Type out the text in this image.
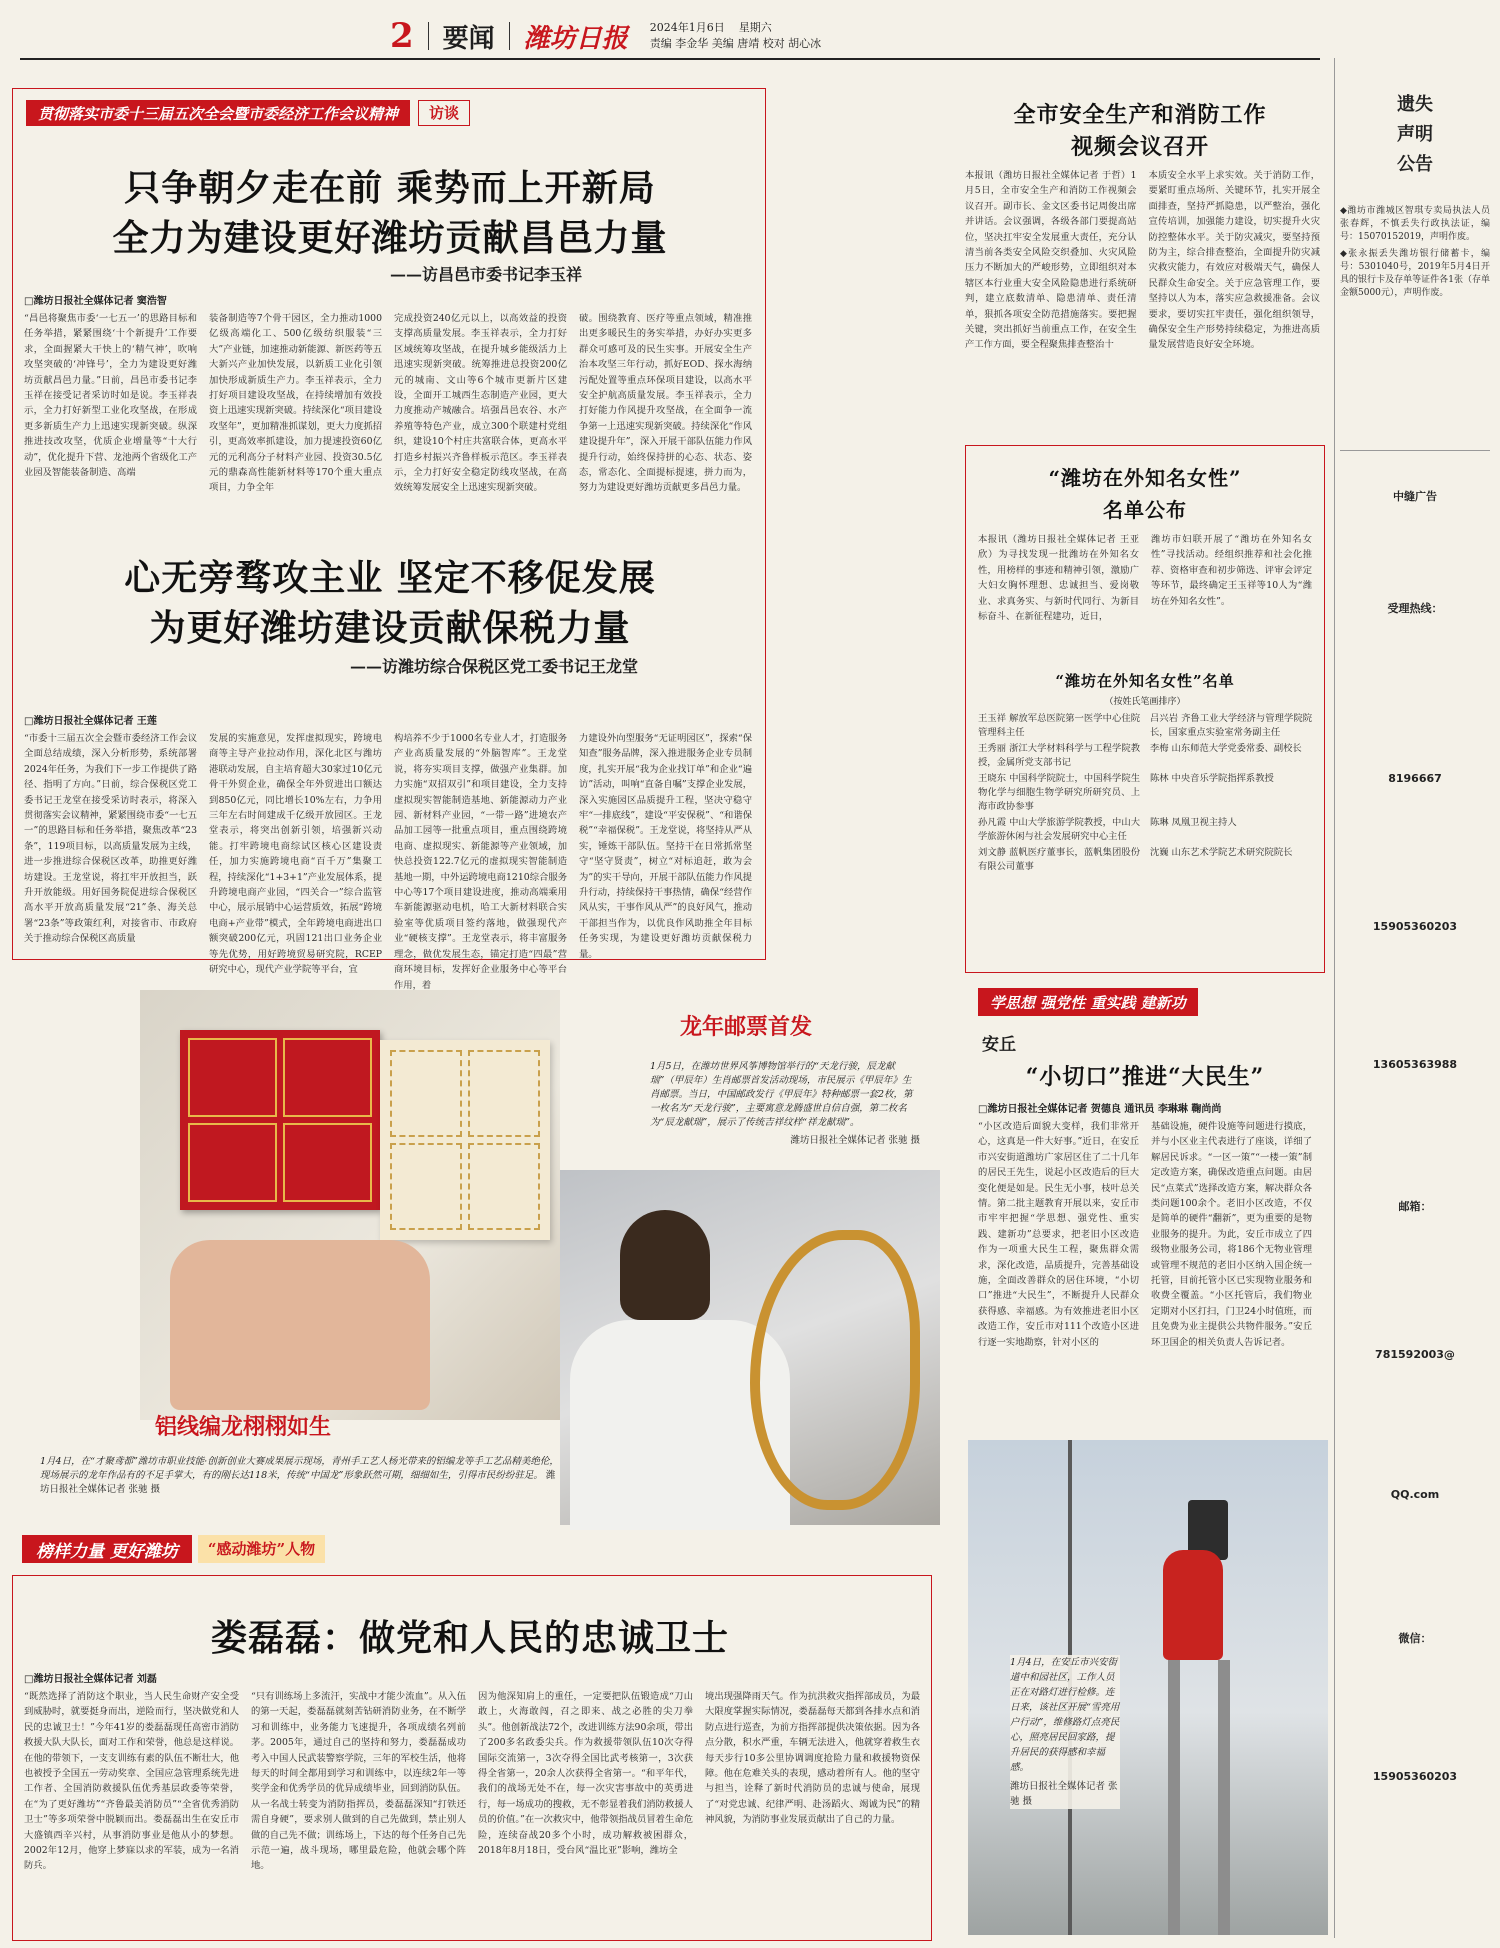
2 要闻 潍坊日报 2024年1月6日 星期六
责编 李金华 美编 唐靖 校对 胡心冰
贯彻落实市委十三届五次全会暨市委经济工作会议精神	访谈
只争朝夕走在前 乘势而上开新局
全力为建设更好潍坊贡献昌邑力量
——访昌邑市委书记李玉祥
□潍坊日报社全媒体记者 窦浩智
“昌邑将聚焦市委‘一七五一’的思路目标和任务举措，紧紧围绕‘十个新提升’工作要求，全面握紧大干快上的‘精气神’，吹响攻坚突破的‘冲锋号’，全力为建设更好潍坊贡献昌邑力量。”日前，昌邑市委书记李玉祥在接受记者采访时如是说。李玉祥表示，全力打好新型工业化攻坚战，在形成更多新质生产力上迅速实现新突破。纵深推进技改攻坚，优质企业增量等“十大行动”，优化提升下营、龙池两个省级化工产业园及智能装备制造、高端
装备制造等7个骨干园区，全力推动1000亿级高端化工、500亿级纺织服装“三大”产业链，加速推动新能源、新医药等五大新兴产业加快发展，以新质工业化引领加快形成新质生产力。李玉祥表示，全力打好项目建设攻坚战，在持续增加有效投资上迅速实现新突破。持续深化“项目建设攻坚年”，更加精准抓谋划，更大力度抓招引，更高效率抓建设，加力提速投资60亿元的元利高分子材料产业园、投资30.5亿元的鼎森高性能新材料等170个重大重点项目，力争全年
完成投资240亿元以上，以高效益的投资支撑高质量发展。李玉祥表示，全力打好区域统筹攻坚战，在提升城乡能级活力上迅速实现新突破。统筹推进总投资200亿元的城南、文山等6个城市更新片区建设，全面开工城西生态制造产业园，更大力度推动产城融合。培强昌邑农谷、水产养殖等特色产业，成立300个联建村党组织，建设10个村庄共富联合体，更高水平打造乡村振兴齐鲁样板示范区。李玉祥表示，全力打好安全稳定防线攻坚战，在高效统筹发展安全上迅速实现新突破。
破。围绕教育、医疗等重点领域，精准推出更多暖民生的务实举措，办好办实更多群众可感可及的民生实事。开展安全生产治本攻坚三年行动，抓好EOD、探水海纳污配处置等重点环保项目建设，以高水平安全护航高质量发展。李玉祥表示，全力打好能力作风提升攻坚战，在全面争一流争第一上迅速实现新突破。持续深化“作风建设提升年”，深入开展干部队伍能力作风提升行动，始终保持拼的心态、状态、姿态，常态化、全面提标提速，拼力而为，努力为建设更好潍坊贡献更多昌邑力量。
心无旁骛攻主业 坚定不移促发展
为更好潍坊建设贡献保税力量
——访潍坊综合保税区党工委书记王龙堂
□潍坊日报社全媒体记者 王莲
“市委十三届五次全会暨市委经济工作会议全面总结成绩，深入分析形势，系统部署2024年任务，为我们下一步工作提供了路径、指明了方向。”日前，综合保税区党工委书记王龙堂在接受采访时表示，将深入贯彻落实会议精神，紧紧围绕市委“一七五一”的思路目标和任务举措，聚焦改革“23条”，119项目标，以高质量发展为主线，进一步推进综合保税区改革，助推更好潍坊建设。王龙堂说，将扛牢开放担当，跃升开放能级。用好国务院促进综合保税区高水平开放高质量发展“21”条、海关总署“23条”等政策红利，对接省市、市政府关于推动综合保税区高质量
发展的实施意见，发挥虚拟现实，跨境电商等主导产业拉动作用，深化北区与潍坊港联动发展，自主培育超大30家过10亿元骨干外贸企业，确保全年外贸进出口额达到850亿元，同比增长10%左右，力争用三年左右时间建成千亿级开放园区。王龙堂表示，将突出创新引领，培强新兴动能。打牢跨境电商综试区核心区建设责任，加力实施跨境电商“百千万”集聚工程，持续深化“1+3+1”产业发展体系，提升跨境电商产业园，“四关合一”综合监管中心，展示展销中心运营质效，拓展“跨境电商+产业带”模式，全年跨境电商进出口额突破200亿元，巩固121出口业务企业等先优势，用好跨境贸易研究院，RCEP研究中心，现代产业学院等平台，宜
构培养不少于1000名专业人才，打造服务产业高质量发展的“外脑智库”。王龙堂说，将夯实项目支撑，做强产业集群。加力实施“双招双引”和项目建设，全力支持虚拟现实智能制造基地、新能源动力产业园、新材料产业园，“一带一路”进境农产品加工园等一批重点项目，重点围绕跨境电商、虚拟现实、新能源等产业领域，加快总投资122.7亿元的虚拟现实智能制造基地一期，中外运跨境电商1210综合服务中心等17个项目建设进度，推动高端乘用车新能源驱动电机，哈工大新材料联合实验室等优质项目签约落地，做强现代产业“硬核支撑”。王龙堂表示，将丰富服务理念，做优发展生态，锚定打造“四最”营商环境目标，发挥好企业服务中心等平台作用，着
力建设外向型服务“无证明园区”，探索“保知查”服务品牌，深入推进服务企业专员制度，扎实开展“我为企业找订单”和企业“遍访”活动，叫响“直备自嘱”支撑企业发展，深入实施园区品质提升工程，坚决守稳守牢“一排底线”，建设“平安保税”、“和谐保税”“幸福保税”。王龙堂说，将坚持从严从实，锤炼干部队伍。坚持干在日常抓常坚守“坚守贤责”，树立“对标追赶，敢为会为”的实干导向，开展干部队伍能力作风提升行动，持续保持干事热情，确保“经营作风从实，干事作风从严”的良好风气，推动干部担当作为，以优良作风助推全年目标任务实现，为建设更好潍坊贡献保税力量。
龙年邮票首发
1月5日，在潍坊世界风筝博物馆举行的“天龙行骏，辰龙献瑞”（甲辰年）生肖邮票首发活动现场，市民展示《甲辰年》生肖邮票。当日，中国邮政发行《甲辰年》特种邮票一套2枚，第一枚名为“天龙行骏”，主要寓意龙腾盛世自信自强，第二枚名为“辰龙献瑞”，展示了传统吉祥纹样“祥龙献瑞”。
潍坊日报社全媒体记者 张驰 摄
铝线编龙栩栩如生
1月4日，在“才聚鸢都”潍坊市职业技能·创新创业大赛成果展示现场，青州手工艺人杨光带来的铝编龙等手工艺品精美绝伦，现场展示的龙年作品有的不足手掌大，有的刚长达118米，传统“中国龙”形象跃然可期，细细如生，引得市民纷纷驻足。 潍坊日报社全媒体记者 张驰 摄
榜样力量 更好潍坊	“感动潍坊”人物
娄磊磊：做党和人民的忠诚卫士
□潍坊日报社全媒体记者 刘磊
“既然选择了消防这个职业，当人民生命财产安全受到威胁时，就要挺身而出，逆险而行，坚决做党和人民的忠诚卫士！”今年41岁的娄磊磊现任高密市消防救援大队大队长，面对工作和荣誉，他总是这样说。在他的带领下，一支支训练有素的队伍不断壮大，他也被授予全国五一劳动奖章、全国应急管理系统先进工作者、全国消防救援队伍优秀基层政委等荣誉，在“为了更好潍坊”“齐鲁最美消防员”“全省优秀消防卫士”等多项荣誉中脱颖而出。娄磊磊出生在安丘市大盛镇西辛兴村，从事消防事业是他从小的梦想。2002年12月，他穿上梦寐以求的军装，成为一名消防兵。
“只有训练场上多流汗，实战中才能少流血”。从入伍的第一天起，娄磊磊就刻苦钻研消防业务，在不断学习和训练中，业务能力飞速提升，各项成绩名列前茅。2005年，通过自己的坚持和努力，娄磊磊成功考入中国人民武装警察学院，三年的军校生活，他将每天的时间全都用到学习和训练中，以连续2年一等奖学金和优秀学员的优异成绩毕业，回到消防队伍。从一名战士转变为消防指挥员，娄磊磊深知“打铁还需自身硬”，要求别人做到的自己先做到，禁止别人做的自己先不做；训练场上，下达的每个任务自己先示范一遍，战斗现场，哪里最危险，他就会哪个阵地。
因为他深知肩上的重任，一定要把队伍锻造成“刀山敢上，火海敢闯，召之即来、战之必胜的尖刀拳头”。他创新战法72个，改进训练方法90余项，带出了200多名政委尖兵。作为救援带领队伍10次夺得国际交流第一，3次夺得全国比武考核第一，3次获得全省第一，20余人次获得全省第一。“和平年代，我们的战场无处不在，每一次灾害事故中的英勇进行，每一场成功的搜救，无不彰显着我们消防救援人员的价值。”在一次救灾中，他带领指战员冒着生命危险，连续奋战20多个小时，成功解救被困群众，2018年8月18日，受台风“温比亚”影响，潍坊全
境出现强降雨天气。作为抗洪救灾指挥部成员，为最大限度掌握实际情况，娄磊磊每天都到各排水点和消防点进行巡查，为前方指挥部提供决策依据。因为各点分散，积水严重，车辆无法进入，他就穿着救生衣每天步行10多公里协调调度抢险力量和救援物资保障。他在危难关头的表现，感动着所有人。他的坚守与担当，诠释了新时代消防员的忠诚与使命，展现了“对党忠诚、纪律严明、赴汤蹈火、竭诚为民”的精神风貌，为消防事业发展贡献出了自己的力量。
全市安全生产和消防工作
视频会议召开
本报讯（潍坊日报社全媒体记者 于哲）1月5日，全市安全生产和消防工作视频会议召开。副市长、金文区委书记周俊出席并讲话。会议强调，各级各部门要提高站位，坚决扛牢安全发展重大责任，充分认清当前各类安全风险交织叠加、火灾风险压力不断加大的严峻形势，立即组织对本辖区本行业重大安全风险隐患进行系统研判，建立底数清单、隐患清单、责任清单，狠抓各项安全防范措施落实。要把握关键，突出抓好当前重点工作，在安全生产工作方面，要全程聚焦排查整治十
本质安全水平上求实效。关于消防工作，要紧盯重点场所、关键环节，扎实开展全面排查，坚持严抓隐患，以严整治，强化宣传培训，加强能力建设，切实提升火灾防控整体水平。关于防灾减灾，要坚持预防为主，综合排查整治，全面提升防灾减灾救灾能力，有效应对极端天气，确保人民群众生命安全。关于应急管理工作，要坚持以人为本，落实应急救援准备。会议要求，要切实扛牢责任，强化组织领导，确保安全生产形势持续稳定，为推进高质量发展营造良好安全环境。
“潍坊在外知名女性”
名单公布
本报讯（潍坊日报社全媒体记者 王亚欣）为寻找发现一批潍坊在外知名女性，用榜样的事迹和精神引领，激励广大妇女胸怀理想、忠诚担当、爱岗敬业、求真务实、与新时代同行、为新目标奋斗、在新征程建功，近日，
潍坊市妇联开展了“潍坊在外知名女性”寻找活动。经组织推荐和社会化推荐、资格审查和初步筛选、评审会评定等环节，最终确定王玉祥等10人为“潍坊在外知名女性”。
“潍坊在外知名女性”名单
（按姓氏笔画排序）
王玉祥 解放军总医院第一医学中心住院管理科主任
吕兴岩 齐鲁工业大学经济与管理学院院长，国家重点实验室常务副主任
王秀丽 浙江大学材料科学与工程学院教授，金属所党支部书记
李梅 山东师范大学党委常委、副校长
王晓东 中国科学院院士，中国科学院生物化学与细胞生物学研究所研究员、上海市政协参事
陈林 中央音乐学院指挥系教授
孙凡霞 中山大学旅游学院教授，中山大学旅游休闲与社会发展研究中心主任
陈琳 凤凰卫视主持人
刘文静 蓝帆医疗董事长，蓝帆集团股份有限公司董事
沈巍 山东艺术学院艺术研究院院长
学思想 强党性 重实践 建新功
安丘
“小切口”推进“大民生”
□潍坊日报社全媒体记者 贺德良 通讯员 李琳琳 鞠尚尚
“小区改造后面貌大变样，我们非常开心，这真是一件大好事。”近日，在安丘市兴安街道潍坊广家居区住了二十几年的居民王先生，说起小区改造后的巨大变化便是如是。民生无小事，枝叶总关情。第二批主题教育开展以来，安丘市市牢牢把握“学思想、强党性、重实践、建新功”总要求，把老旧小区改造作为一项重大民生工程，聚焦群众需求，深化改造，品质提升，完善基础设施，全面改善群众的居住环境，“小切口”推进“大民生”，不断提升人民群众获得感、幸福感。为有效推进老旧小区改造工作，安丘市对111个改造小区进行逐一实地勘察，针对小区的
基础设施，硬件设施等问题进行摸底，并与小区业主代表进行了座谈，详细了解居民诉求。“一区一策”“一楼一策”制定改造方案，确保改造重点问题。由居民“点菜式”选择改造方案，解决群众各类问题100余个。老旧小区改造，不仅是简单的硬件“翻新”，更为重要的是物业服务的提升。为此，安丘市成立了四级物业服务公司，将186个无物业管理或管理不规范的老旧小区纳入国企统一托管，目前托管小区已实现物业服务和收费全覆盖。“小区托管后，我们物业定期对小区打扫，门卫24小时值班，而且免费为业主提供公共物件服务。”安丘环卫国企的相关负责人告诉记者。
1月4日，在安丘市兴安街道中和园社区，工作人员正在对路灯进行检修。连日来，该社区开展“雪亮用户行动”，维修路灯点亮民心，照亮居民回家路，提升居民的获得感和幸福感。
潍坊日报社全媒体记者 张驰 摄
遗失
声明
公告
◆潍坊市潍城区智琪专卖局执法人员张春辉，不慎丢失行政执法证，编号：15070152019，声明作废。
◆张永振丢失潍坊银行储蓄卡，编号：5301040号，2019年5月4日开具的银行卡及存单等证件各1张（存单金额5000元），声明作废。
中缝广告
受理热线：
8196667
15905360203
13605363988
邮箱：
781592003@
QQ.com
微信：
15905360203
